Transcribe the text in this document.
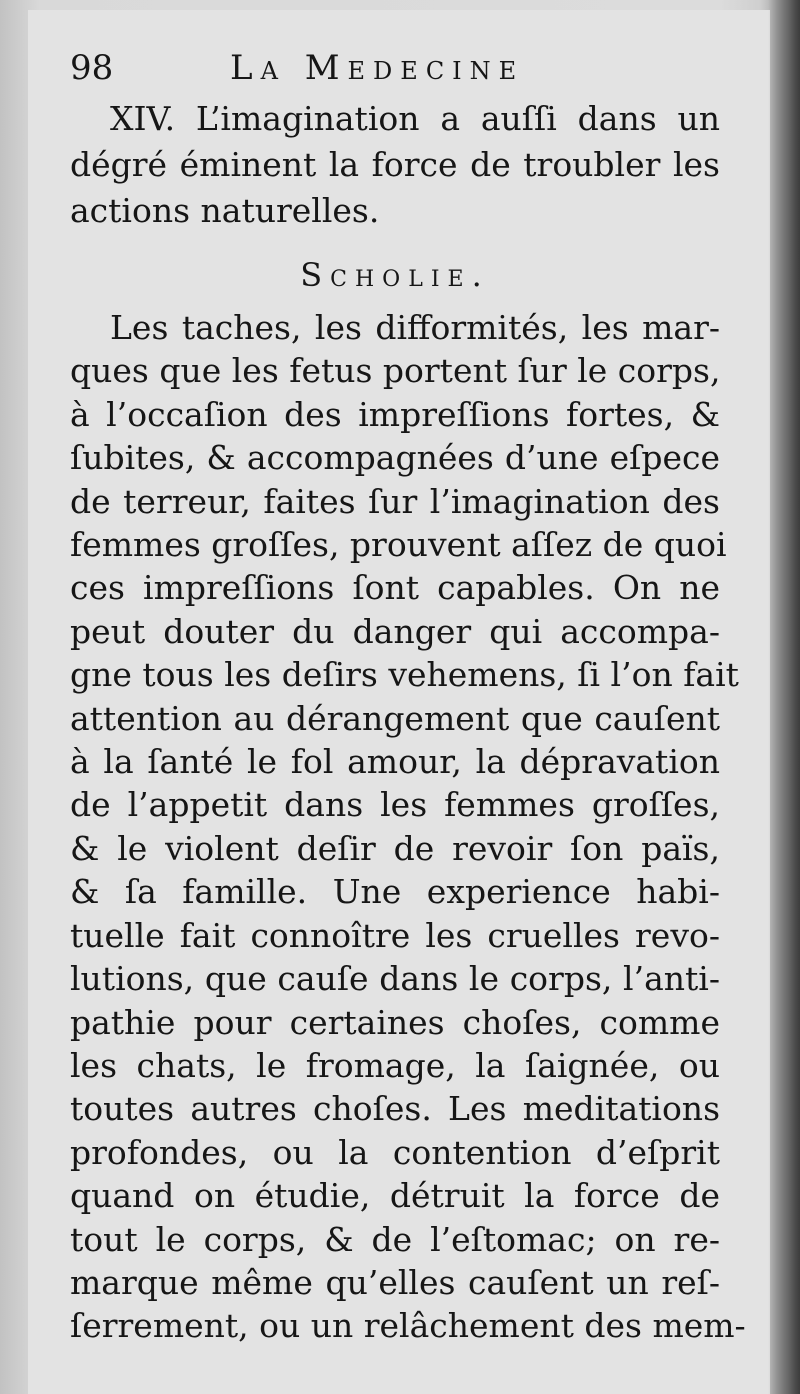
98	La Medecine

XIV. L’imagination a auſſi dans un
dégré éminent la force de troubler les
actions naturelles.

Scholie.

Les taches, les difformités, les mar-
ques que les fetus portent ſur le corps,
à l’occaſion des impreſſions fortes, &
ſubites, & accompagnées d’une eſpece
de terreur, faites ſur l’imagination des
femmes groſſes, prouvent aſſez de quoi
ces impreſſions ſont capables. On ne
peut douter du danger qui accompa-
gne tous les deſirs vehemens, ſi l’on fait
attention au dérangement que cauſent
à la ſanté le fol amour, la dépravation
de l’appetit dans les femmes groſſes,
& le violent deſir de revoir ſon païs,
& ſa famille. Une experience habi-
tuelle fait connoître les cruelles revo-
lutions, que cauſe dans le corps, l’anti-
pathie pour certaines choſes, comme
les chats, le fromage, la ſaignée, ou
toutes autres choſes. Les meditations
profondes, ou la contention d’eſprit
quand on étudie, détruit la force de
tout le corps, & de l’eſtomac; on re-
marque même qu’elles cauſent un reſ-
ſerrement, ou un relâchement des mem-
